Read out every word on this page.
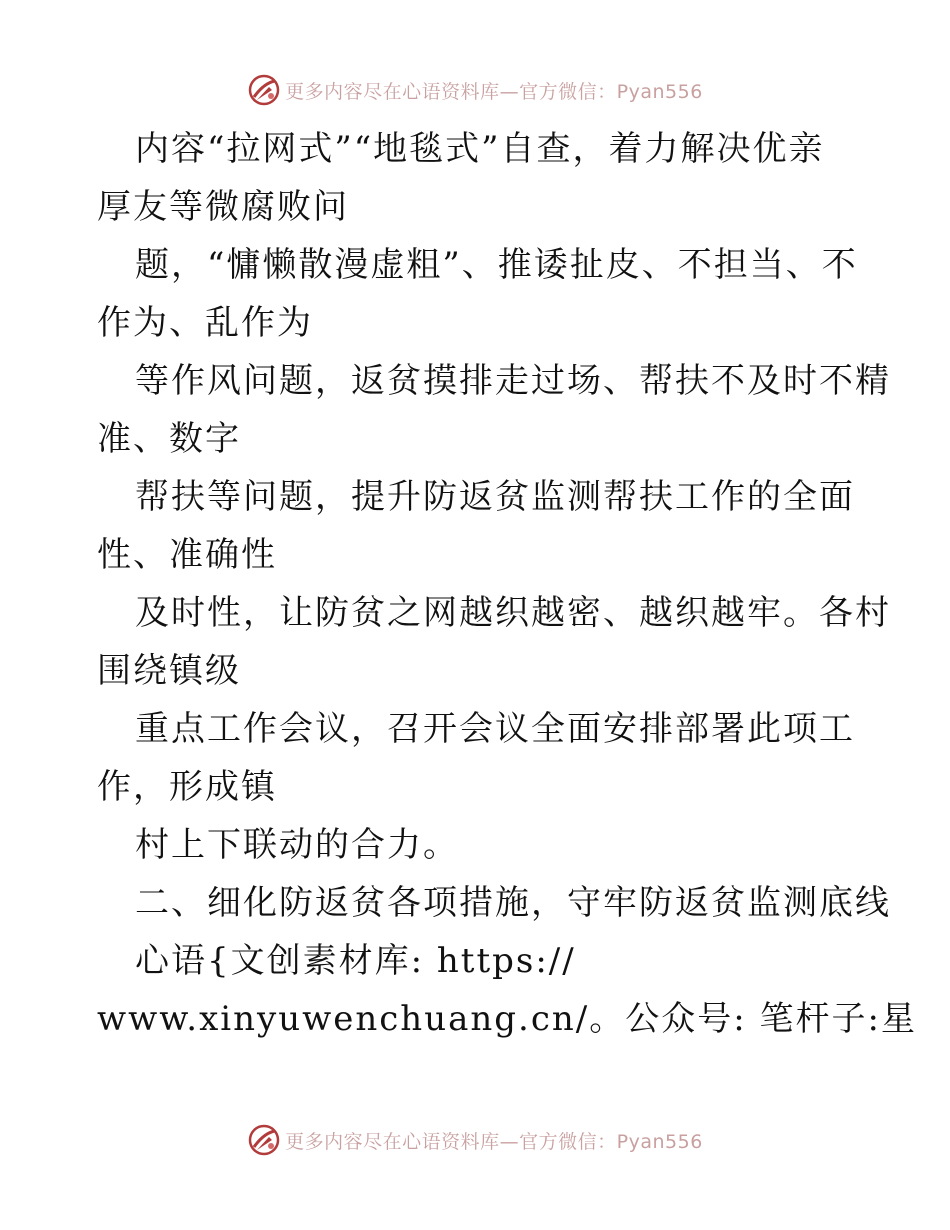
更多内容尽在心语资料库—官方微信：Pyan556
内容“拉网式”“地毯式”自查，着力解决优亲
厚友等微腐败问
题，“慵懒散漫虚粗”、推诿扯皮、不担当、不
作为、乱作为
等作风问题，返贫摸排走过场、帮扶不及时不精
准、数字
帮扶等问题，提升防返贫监测帮扶工作的全面
性、准确性
及时性，让防贫之网越织越密、越织越牢。各村
围绕镇级
重点工作会议，召开会议全面安排部署此项工
作，形成镇
村上下联动的合力。
二、细化防返贫各项措施，守牢防返贫监测底线
心语{文创素材库: https://
www.xinyuwenchuang.cn/。公众号: 笔杆子:星
更多内容尽在心语资料库—官方微信：Pyan556
